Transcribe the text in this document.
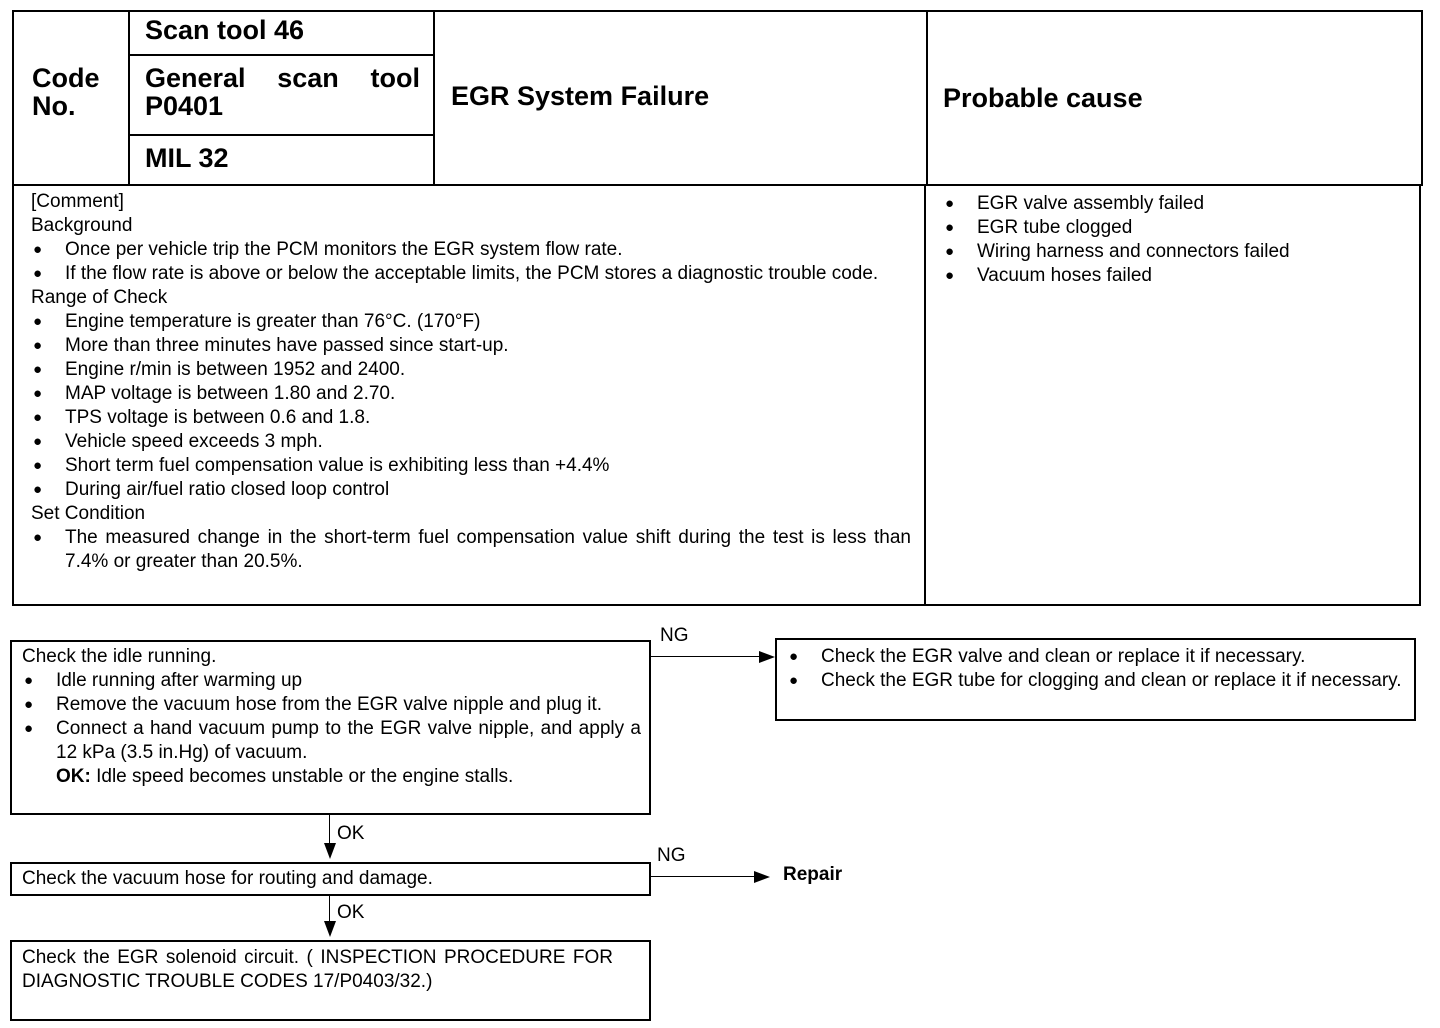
Code No.
Scan tool 46
General scan tool P0401
MIL 32
EGR System Failure	Probable cause
[Comment]
Background
● Once per vehicle trip the PCM monitors the EGR system flow rate.
● If the flow rate is above or below the acceptable limits, the PCM stores a diagnostic trouble code.
Range of Check
● Engine temperature is greater than 76°C. (170°F)
● More than three minutes have passed since start-up.
● Engine r/min is between 1952 and 2400.
● MAP voltage is between 1.80 and 2.70.
● TPS voltage is between 0.6 and 1.8.
● Vehicle speed exceeds 3 mph.
● Short term fuel compensation value is exhibiting less than +4.4%
● During air/fuel ratio closed loop control
Set Condition
● The measured change in the short-term fuel compensation value shift during the test is less than 7.4% or greater than 20.5%.
● EGR valve assembly failed
● EGR tube clogged
● Wiring harness and connectors failed
● Vacuum hoses failed
Check the idle running.
● Idle running after warming up
● Remove the vacuum hose from the EGR valve nipple and plug it.
● Connect a hand vacuum pump to the EGR valve nipple, and apply a 12 kPa (3.5 in.Hg) of vacuum.
OK: Idle speed becomes unstable or the engine stalls.
NG
● Check the EGR valve and clean or replace it if necessary.
● Check the EGR tube for clogging and clean or replace it if necessary.
OK
Check the vacuum hose for routing and damage.
NG
Repair
OK
Check the EGR solenoid circuit. ( INSPECTION PROCEDURE FOR DIAGNOSTIC TROUBLE CODES 17/P0403/32.)
